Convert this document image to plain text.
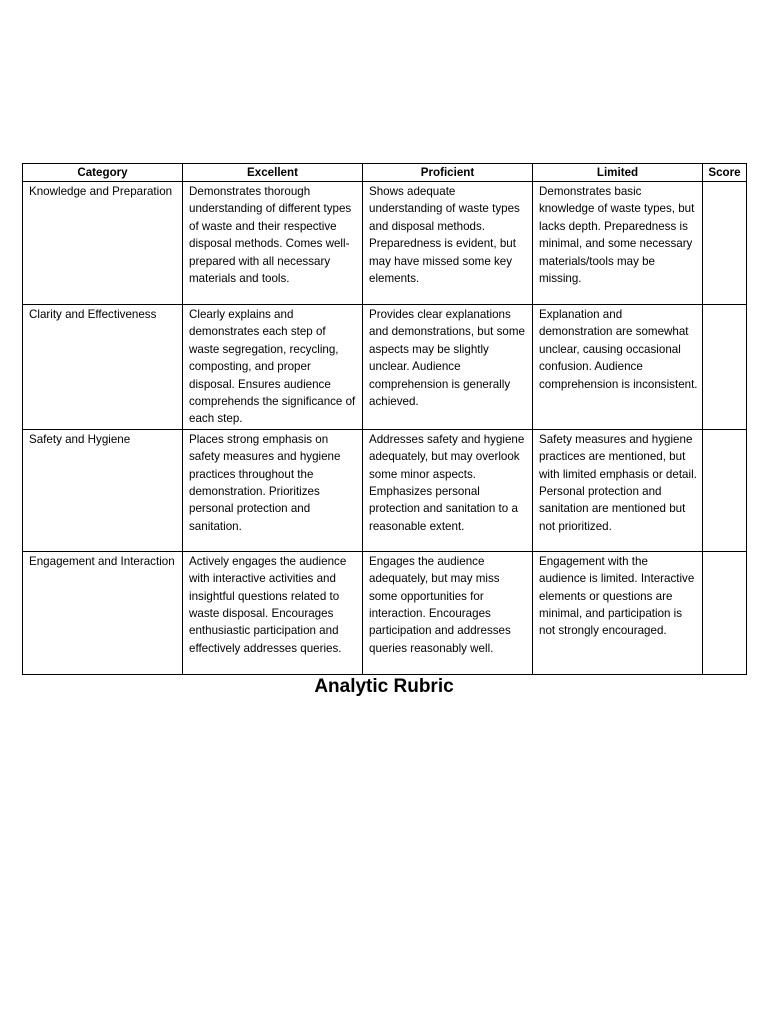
Category	Excellent	Proficient	Limited	Score
Knowledge and Preparation	Demonstrates thorough understanding of different types of waste and their respective disposal methods. Comes well-prepared with all necessary materials and tools.	Shows adequate understanding of waste types and disposal methods. Preparedness is evident, but may have missed some key elements.	Demonstrates basic knowledge of waste types, but lacks depth. Preparedness is minimal, and some necessary materials/tools may be missing.	
Clarity and Effectiveness	Clearly explains and demonstrates each step of waste segregation, recycling, composting, and proper disposal. Ensures audience comprehends the significance of each step.	Provides clear explanations and demonstrations, but some aspects may be slightly unclear. Audience comprehension is generally achieved.	Explanation and demonstration are somewhat unclear, causing occasional confusion. Audience comprehension is inconsistent.	
Safety and Hygiene	Places strong emphasis on safety measures and hygiene practices throughout the demonstration. Prioritizes personal protection and sanitation.	Addresses safety and hygiene adequately, but may overlook some minor aspects. Emphasizes personal protection and sanitation to a reasonable extent.	Safety measures and hygiene practices are mentioned, but with limited emphasis or detail. Personal protection and sanitation are mentioned but not prioritized.	
Engagement and Interaction	Actively engages the audience with interactive activities and insightful questions related to waste disposal. Encourages enthusiastic participation and effectively addresses queries.	Engages the audience adequately, but may miss some opportunities for interaction. Encourages participation and addresses queries reasonably well.	Engagement with the audience is limited. Interactive elements or questions are minimal, and participation is not strongly encouraged.	
Analytic Rubric
